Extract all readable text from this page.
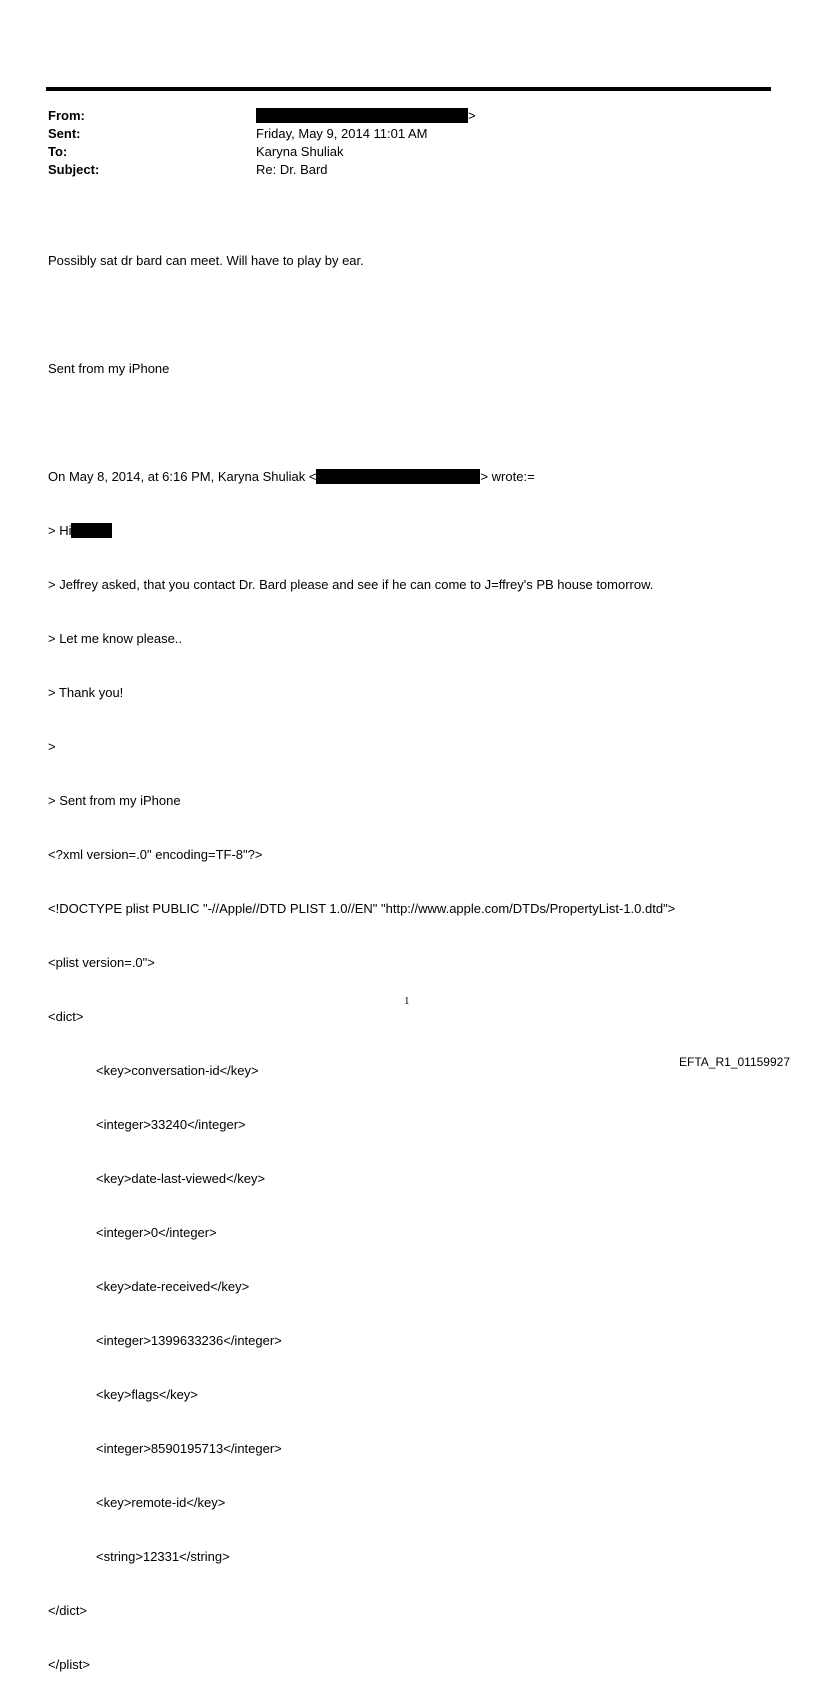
From:	>
Sent:	Friday, May 9, 2014 11:01 AM
To:	Karyna Shuliak
Subject:	Re: Dr. Bard

Possibly sat dr bard can meet. Will have to play by ear.

Sent from my iPhone

On May 8, 2014, at 6:16 PM, Karyna Shuliak <	> wrote:=

> Hi

> Jeffrey asked, that you contact Dr. Bard please and see if he can come to J=ffrey's PB house tomorrow.

> Let me know please..

> Thank you!

>

> Sent from my iPhone

<?xml version=.0" encoding=TF-8"?>

<!DOCTYPE plist PUBLIC "-//Apple//DTD PLIST 1.0//EN" "http://www.apple.com/DTDs/PropertyList-1.0.dtd">

<plist version=.0">

<dict>

<key>conversation-id</key>

<integer>33240</integer>

<key>date-last-viewed</key>

<integer>0</integer>

<key>date-received</key>

<integer>1399633236</integer>

<key>flags</key>

<integer>8590195713</integer>

<key>remote-id</key>

<string>12331</string>

</dict>

</plist>

1
EFTA_R1_01159927
